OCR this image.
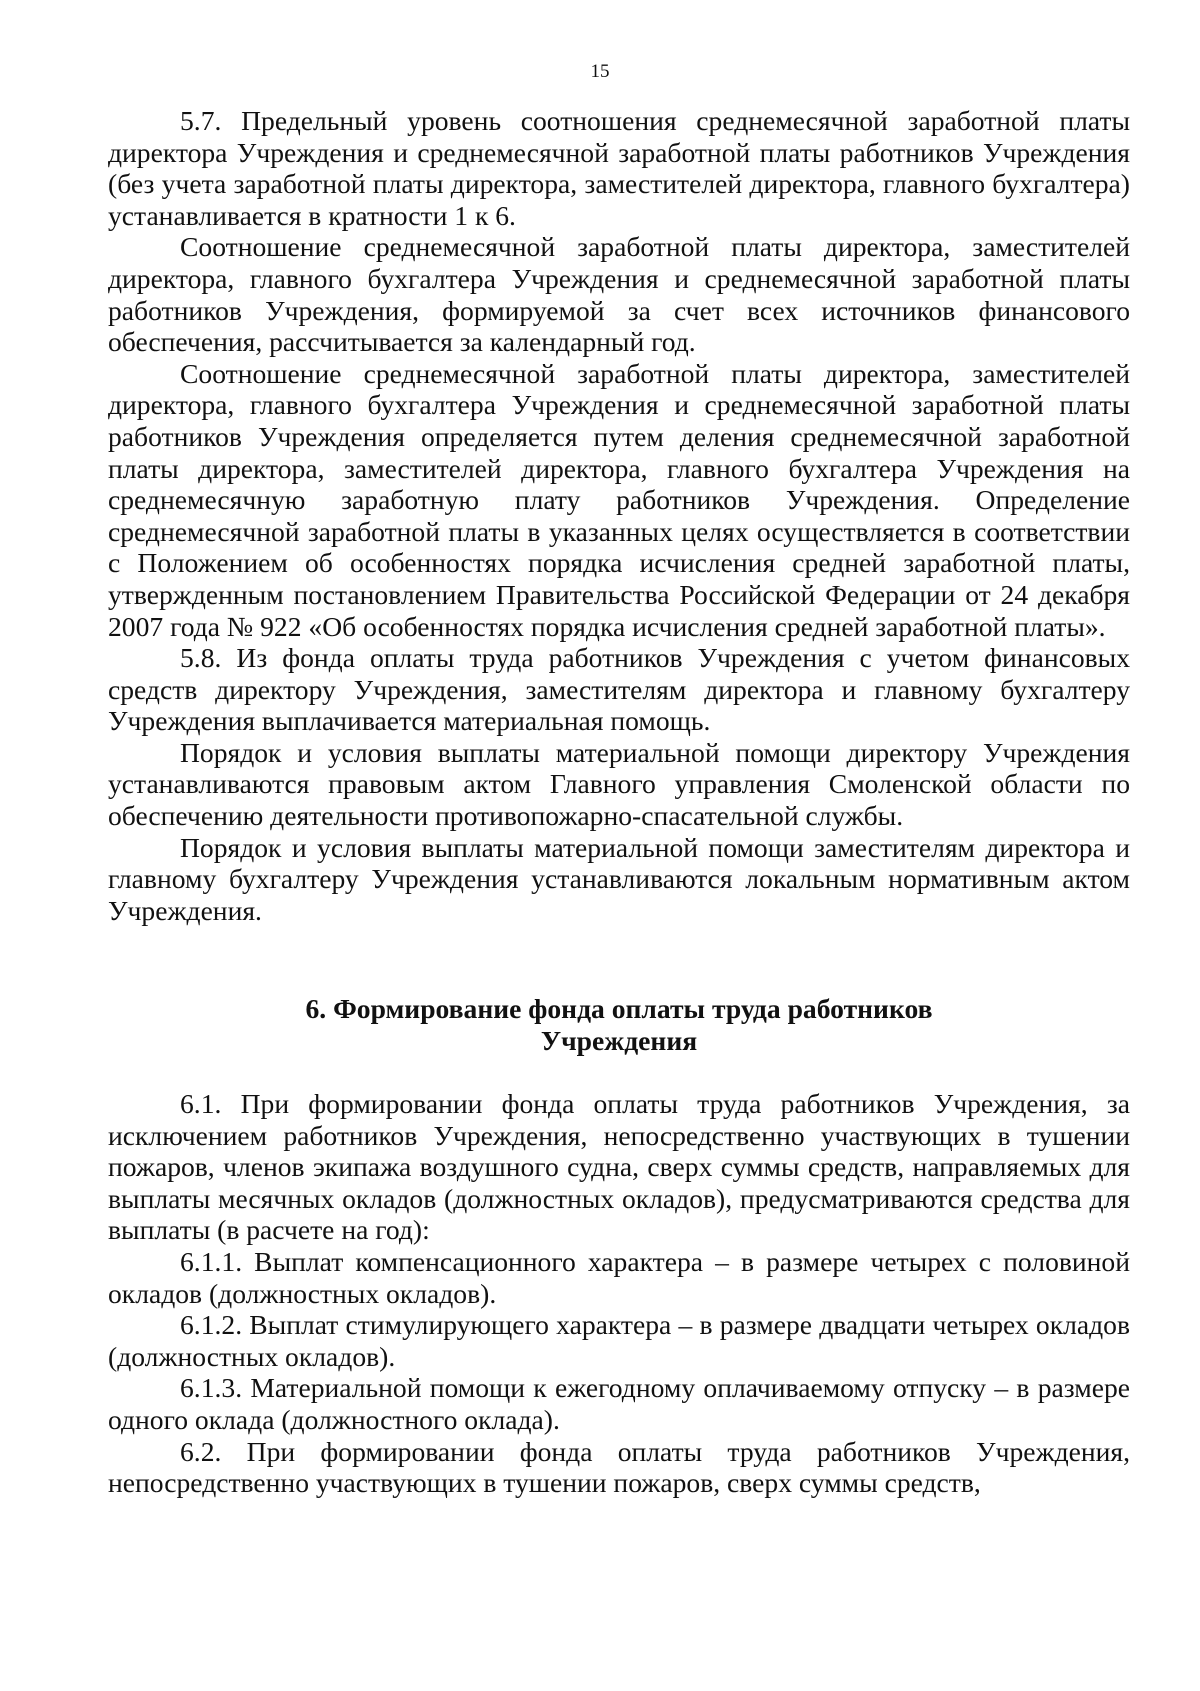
15

5.7. Предельный уровень соотношения среднемесячной заработной платы директора Учреждения и среднемесячной заработной платы работников Учреждения (без учета заработной платы директора, заместителей директора, главного бухгалтера) устанавливается в кратности 1 к 6.

Соотношение среднемесячной заработной платы директора, заместителей директора, главного бухгалтера Учреждения и среднемесячной заработной платы работников Учреждения, формируемой за счет всех источников финансового обеспечения, рассчитывается за календарный год.

Соотношение среднемесячной заработной платы директора, заместителей директора, главного бухгалтера Учреждения и среднемесячной заработной платы работников Учреждения определяется путем деления среднемесячной заработной платы директора, заместителей директора, главного бухгалтера Учреждения на среднемесячную заработную плату работников Учреждения. Определение среднемесячной заработной платы в указанных целях осуществляется в соответствии с Положением об особенностях порядка исчисления средней заработной платы, утвержденным постановлением Правительства Российской Федерации от 24 декабря 2007 года № 922 «Об особенностях порядка исчисления средней заработной платы».

5.8. Из фонда оплаты труда работников Учреждения с учетом финансовых средств директору Учреждения, заместителям директора и главному бухгалтеру Учреждения выплачивается материальная помощь.

Порядок и условия выплаты материальной помощи директору Учреждения устанавливаются правовым актом Главного управления Смоленской области по обеспечению деятельности противопожарно-спасательной службы.

Порядок и условия выплаты материальной помощи заместителям директора и главному бухгалтеру Учреждения устанавливаются локальным нормативным актом Учреждения.

6. Формирование фонда оплаты труда работников
Учреждения

6.1. При формировании фонда оплаты труда работников Учреждения, за исключением работников Учреждения, непосредственно участвующих в тушении пожаров, членов экипажа воздушного судна, сверх суммы средств, направляемых для выплаты месячных окладов (должностных окладов), предусматриваются средства для выплаты (в расчете на год):

6.1.1. Выплат компенсационного характера – в размере четырех с половиной окладов (должностных окладов).

6.1.2. Выплат стимулирующего характера – в размере двадцати четырех окладов (должностных окладов).

6.1.3. Материальной помощи к ежегодному оплачиваемому отпуску – в размере одного оклада (должностного оклада).

6.2. При формировании фонда оплаты труда работников Учреждения, непосредственно участвующих в тушении пожаров, сверх суммы средств,
